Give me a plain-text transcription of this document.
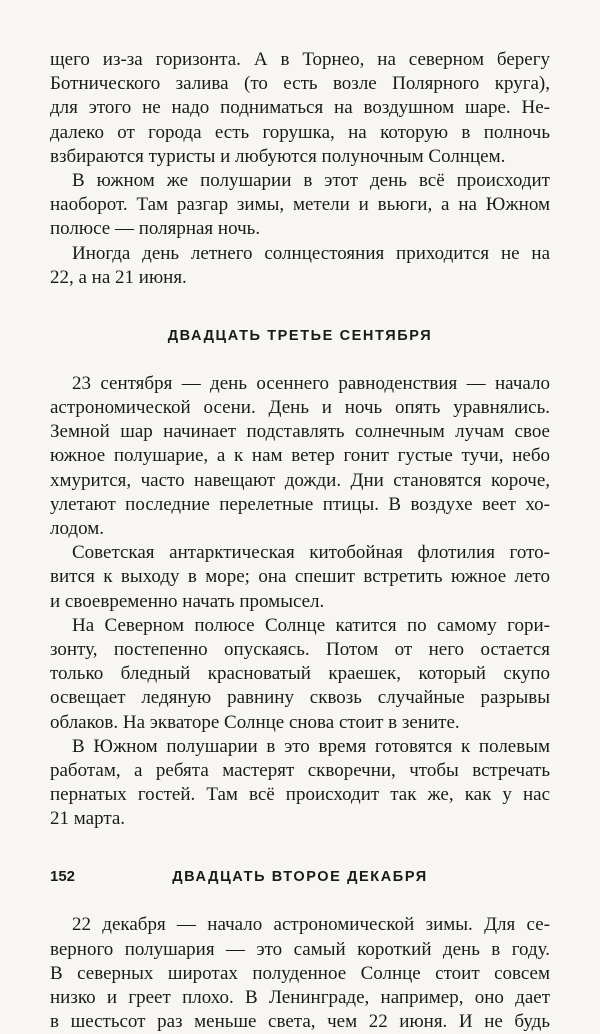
щего из-за горизонта. А в Торнео, на северном берегу
Ботнического залива (то есть возле Полярного круга),
для этого не надо подниматься на воздушном шаре. Не-
далеко от города есть горушка, на которую в полночь
взбираются туристы и любуются полуночным Солнцем.
В южном же полушарии в этот день всё происходит
наоборот. Там разгар зимы, метели и вьюги, а на Южном
полюсе — полярная ночь.
Иногда день летнего солнцестояния приходится не на
22, а на 21 июня.
ДВАДЦАТЬ ТРЕТЬЕ СЕНТЯБРЯ
23 сентября — день осеннего равноденствия — начало
астрономической осени. День и ночь опять уравнялись.
Земной шар начинает подставлять солнечным лучам свое
южное полушарие, а к нам ветер гонит густые тучи, небо
хмурится, часто навещают дожди. Дни становятся короче,
улетают последние перелетные птицы. В воздухе веет хо-
лодом.
Советская антарктическая китобойная флотилия гото-
вится к выходу в море; она спешит встретить южное лето
и своевременно начать промысел.
На Северном полюсе Солнце катится по самому гори-
зонту, постепенно опускаясь. Потом от него остается
только бледный красноватый краешек, который скупо
освещает ледяную равнину сквозь случайные разрывы
облаков. На экваторе Солнце снова стоит в зените.
В Южном полушарии в это время готовятся к полевым
работам, а ребята мастерят скворечни, чтобы встречать
пернатых гостей. Там всё происходит так же, как у нас
21 марта.
ДВАДЦАТЬ ВТОРОЕ ДЕКАБРЯ
22 декабря — начало астрономической зимы. Для се-
верного полушария — это самый короткий день в году.
В северных широтах полуденное Солнце стоит совсем
низко и греет плохо. В Ленинграде, например, оно дает
в шестьсот раз меньше света, чем 22 июня. И не будь
152
